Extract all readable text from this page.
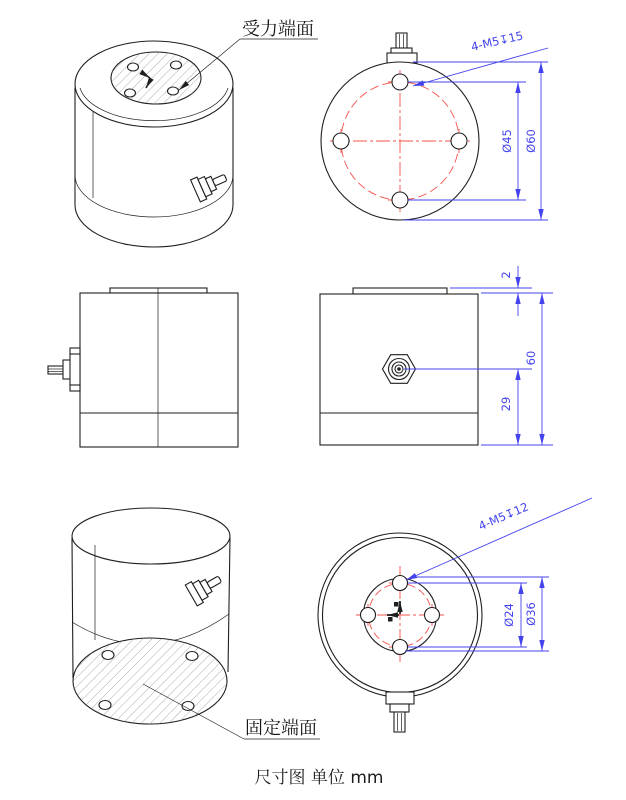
受力端面
Ø45 Ø60
4-M5↧15
2
60
29
固定端面
Ø24 Ø36
4-M5↧12
尺寸图 单位 mm
